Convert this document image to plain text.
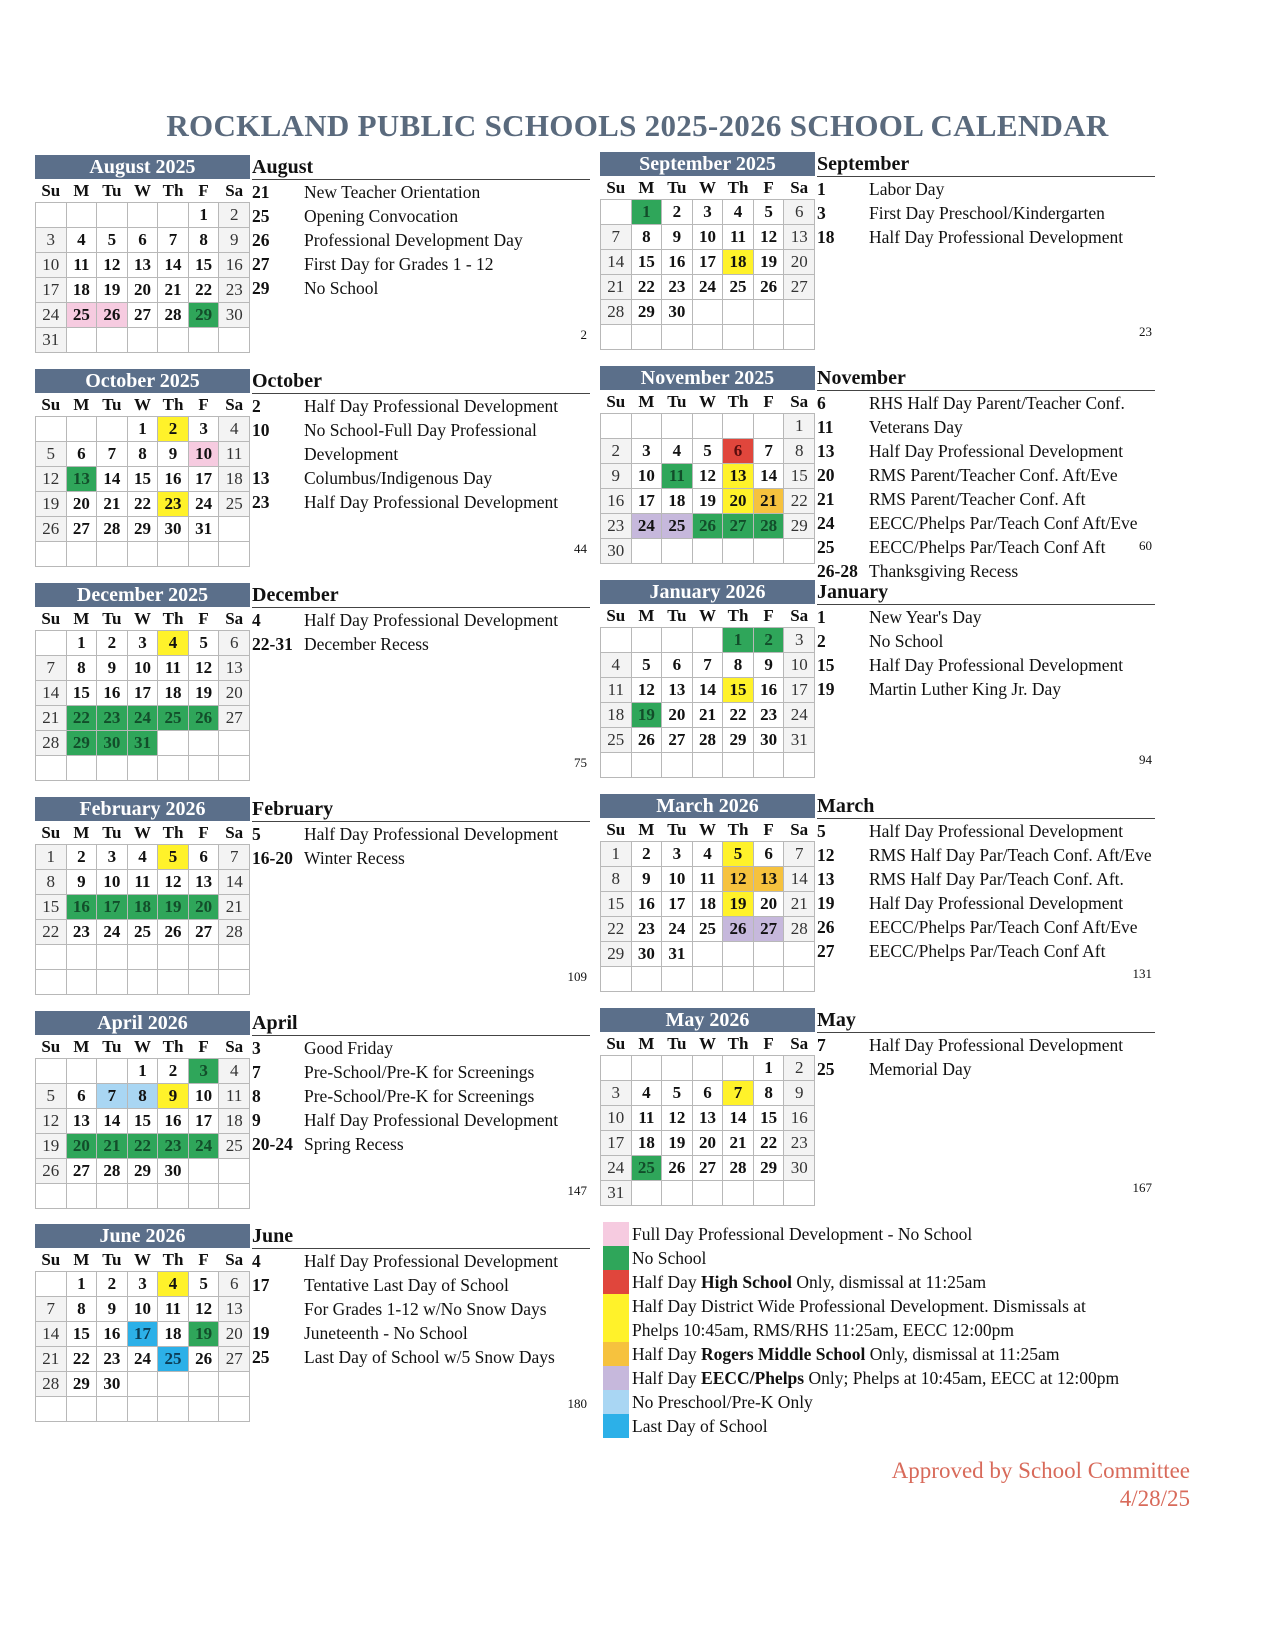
ROCKLAND PUBLIC SCHOOLS 2025-2026 SCHOOL CALENDAR
August 2025
Su	M	Tu	W	Th	F	Sa
					1	2
3	4	5	6	7	8	9
10	11	12	13	14	15	16
17	18	19	20	21	22	23
24	25	26	27	28	29	30
31						
August
21	New Teacher Orientation
25	Opening Convocation
26	Professional Development Day
27	First Day for Grades 1 - 12
29	No School
2
September 2025
Su	M	Tu	W	Th	F	Sa
	1	2	3	4	5	6
7	8	9	10	11	12	13
14	15	16	17	18	19	20
21	22	23	24	25	26	27
28	29	30				

September
1	Labor Day
3	First Day Preschool/Kindergarten
18	Half Day Professional Development
23
October 2025
Su	M	Tu	W	Th	F	Sa
			1	2	3	4
5	6	7	8	9	10	11
12	13	14	15	16	17	18
19	20	21	22	23	24	25
26	27	28	29	30	31	

October
2	Half Day Professional Development
10	No School-Full Day Professional
Development
13	Columbus/Indigenous Day
23	Half Day Professional Development
44
November 2025
Su	M	Tu	W	Th	F	Sa
						1
2	3	4	5	6	7	8
9	10	11	12	13	14	15
16	17	18	19	20	21	22
23	24	25	26	27	28	29
30						
November
6	RHS Half Day Parent/Teacher Conf.
11	Veterans Day
13	Half Day Professional Development
20	RMS Parent/Teacher Conf. Aft/Eve
21	RMS Parent/Teacher Conf. Aft
24	EECC/Phelps Par/Teach Conf Aft/Eve
25	EECC/Phelps Par/Teach Conf Aft
26-28 Thanksgiving Recess
60
December 2025
Su	M	Tu	W	Th	F	Sa
	1	2	3	4	5	6
7	8	9	10	11	12	13
14	15	16	17	18	19	20
21	22	23	24	25	26	27
28	29	30	31			

December
4	Half Day Professional Development
22-31 December Recess
75
January 2026
Su	M	Tu	W	Th	F	Sa
				1	2	3
4	5	6	7	8	9	10
11	12	13	14	15	16	17
18	19	20	21	22	23	24
25	26	27	28	29	30	31

January
1	New Year's Day
2	No School
15	Half Day Professional Development
19	Martin Luther King Jr. Day
94
February 2026
Su	M	Tu	W	Th	F	Sa
1	2	3	4	5	6	7
8	9	10	11	12	13	14
15	16	17	18	19	20	21
22	23	24	25	26	27	28

February
5	Half Day Professional Development
16-20 Winter Recess
109
March 2026
Su	M	Tu	W	Th	F	Sa
1	2	3	4	5	6	7
8	9	10	11	12	13	14
15	16	17	18	19	20	21
22	23	24	25	26	27	28
29	30	31				

March
5	Half Day Professional Development
12	RMS Half Day Par/Teach Conf. Aft/Eve
13	RMS Half Day Par/Teach Conf. Aft.
19	Half Day Professional Development
26	EECC/Phelps Par/Teach Conf Aft/Eve
27	EECC/Phelps Par/Teach Conf Aft
131
April 2026
Su	M	Tu	W	Th	F	Sa
			1	2	3	4
5	6	7	8	9	10	11
12	13	14	15	16	17	18
19	20	21	22	23	24	25
26	27	28	29	30		

April
3	Good Friday
7	Pre-School/Pre-K for Screenings
8	Pre-School/Pre-K for Screenings
9	Half Day Professional Development
20-24 Spring Recess
147
May 2026
Su	M	Tu	W	Th	F	Sa
					1	2
3	4	5	6	7	8	9
10	11	12	13	14	15	16
17	18	19	20	21	22	23
24	25	26	27	28	29	30
31						
May
7	Half Day Professional Development
25	Memorial Day
167
June 2026
Su	M	Tu	W	Th	F	Sa
	1	2	3	4	5	6
7	8	9	10	11	12	13
14	15	16	17	18	19	20
21	22	23	24	25	26	27
28	29	30				

June
4	Half Day Professional Development
17	Tentative Last Day of School
For Grades 1-12 w/No Snow Days
19	Juneteenth - No School
25	Last Day of School w/5 Snow Days
180
Full Day Professional Development - No School
No School
Half Day High School Only, dismissal at 11:25am
Half Day District Wide Professional Development. Dismissals at Phelps 10:45am, RMS/RHS 11:25am, EECC 12:00pm
Half Day Rogers Middle School Only, dismissal at 11:25am
Half Day EECC/Phelps Only; Phelps at 10:45am, EECC at 12:00pm
No Preschool/Pre-K Only
Last Day of School
Approved by School Committee
4/28/25
